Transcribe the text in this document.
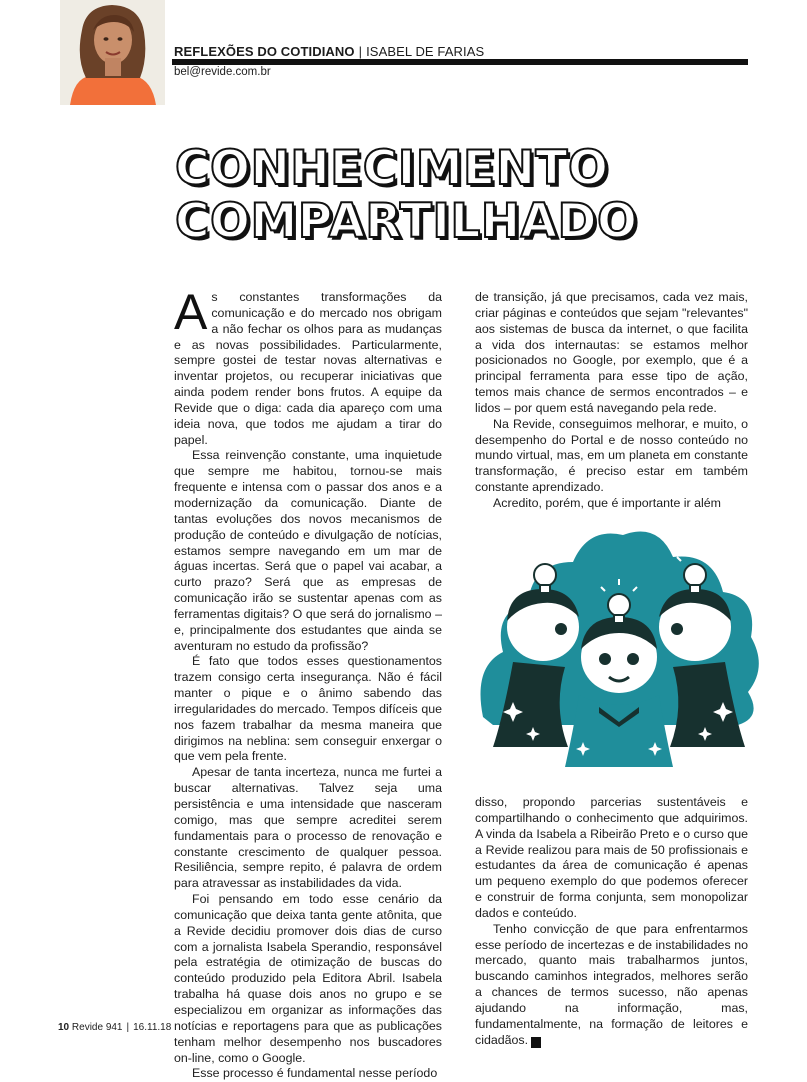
REFLEXÕES DO COTIDIANO | ISABEL DE FARIAS
bel@revide.com.br
CONHECIMENTO
COMPARTILHADO

As constantes transformações da comunicação e do mercado nos obrigam a não fechar os olhos para as mudanças e as novas possibilidades. Particularmente, sempre gostei de testar novas alternativas e inventar projetos, ou recuperar iniciativas que ainda podem render bons frutos. A equipe da Revide que o diga: cada dia apareço com uma ideia nova, que todos me ajudam a tirar do papel.

Essa reinvenção constante, uma inquietude que sempre me habitou, tornou-se mais frequente e intensa com o passar dos anos e a modernização da comunicação. Diante de tantas evoluções dos novos mecanismos de produção de conteúdo e divulgação de notícias, estamos sempre navegando em um mar de águas incertas. Será que o papel vai acabar, a curto prazo? Será que as empresas de comunicação irão se sustentar apenas com as ferramentas digitais? O que será do jornalismo – e, principalmente dos estudantes que ainda se aventuram no estudo da profissão?

É fato que todos esses questionamentos trazem consigo certa insegurança. Não é fácil manter o pique e o ânimo sabendo das irregularidades do mercado. Tempos difíceis que nos fazem trabalhar da mesma maneira que dirigimos na neblina: sem conseguir enxergar o que vem pela frente.

Apesar de tanta incerteza, nunca me furtei a buscar alternativas. Talvez seja uma persistência e uma intensidade que nasceram comigo, mas que sempre acreditei serem fundamentais para o processo de renovação e constante crescimento de qualquer pessoa. Resiliência, sempre repito, é palavra de ordem para atravessar as instabilidades da vida.

Foi pensando em todo esse cenário da comunicação que deixa tanta gente atônita, que a Revide decidiu promover dois dias de curso com a jornalista Isabela Sperandio, responsável pela estratégia de otimização de buscas do conteúdo produzido pela Editora Abril. Isabela trabalha há quase dois anos no grupo e se especializou em organizar as informações das notícias e reportagens para que as publicações tenham melhor desempenho nos buscadores on-line, como o Google.

Esse processo é fundamental nesse período

de transição, já que precisamos, cada vez mais, criar páginas e conteúdos que sejam "relevantes" aos sistemas de busca da internet, o que facilita a vida dos internautas: se estamos melhor posicionados no Google, por exemplo, que é a principal ferramenta para esse tipo de ação, temos mais chance de sermos encontrados – e lidos – por quem está navegando pela rede.

Na Revide, conseguimos melhorar, e muito, o desempenho do Portal e de nosso conteúdo no mundo virtual, mas, em um planeta em constante transformação, é preciso estar em também constante aprendizado.

Acredito, porém, que é importante ir além

disso, propondo parcerias sustentáveis e compartilhando o conhecimento que adquirimos. A vinda da Isabela a Ribeirão Preto e o curso que a Revide realizou para mais de 50 profissionais e estudantes da área de comunicação é apenas um pequeno exemplo do que podemos oferecer e construir de forma conjunta, sem monopolizar dados e conteúdo.

Tenho convicção de que para enfrentarmos esse período de incertezas e de instabilidades no mercado, quanto mais trabalharmos juntos, buscando caminhos integrados, melhores serão a chances de termos sucesso, não apenas ajudando na informação, mas, fundamentalmente, na formação de leitores e cidadãos.	r

10 Revide 941 | 16.11.18
